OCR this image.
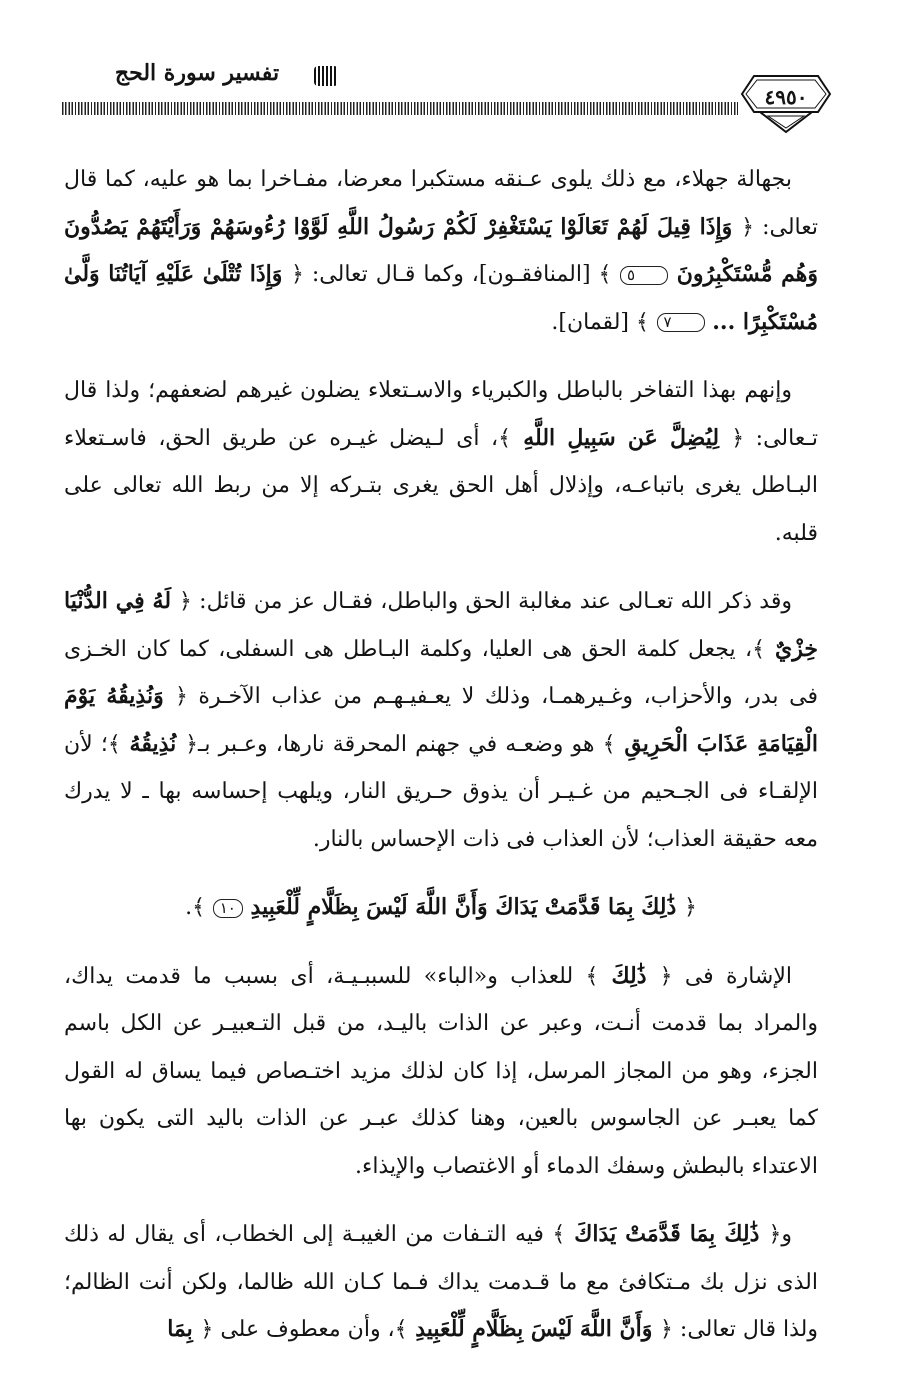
٤٩٥٠
تفسير سورة الحج

بجهالة جهلاء، مع ذلك يلوى عـنقه مستكبرا معرضا، مفـاخرا بما هو عليه، كما قال تعالى: ﴿ وَإِذَا قِيلَ لَهُمْ تَعَالَوْا يَسْتَغْفِرْ لَكُمْ رَسُولُ اللَّهِ لَوَّوْا رُءُوسَهُمْ وَرَأَيْتَهُمْ يَصُدُّونَ وَهُم مُّسْتَكْبِرُونَ ٥ ﴾ [المنافقـون]، وكما قـال تعالى: ﴿ وَإِذَا تُتْلَىٰ عَلَيْهِ آيَاتُنَا وَلَّىٰ مُسْتَكْبِرًا ... ٧ ﴾ [لقمان].

وإنهم بهذا التفاخر بالباطل والكبرياء والاسـتعلاء يضلون غيرهم لضعفهم؛ ولذا قال تـعالى: ﴿ لِيُضِلَّ عَن سَبِيلِ اللَّهِ ﴾، أى لـيضل غيـره عن طريق الحق، فاسـتعلاء البـاطل يغرى باتباعـه، وإذلال أهل الحق يغرى بتـركه إلا من ربط الله تعالى على قلبه.

وقد ذكر الله تعـالى عند مغالبة الحق والباطل، فقـال عز من قائل: ﴿ لَهُ فِي الدُّنْيَا خِزْيٌ ﴾، يجعل كلمة الحق هى العليا، وكلمة البـاطل هى السفلى، كما كان الخـزى فى بدر، والأحزاب، وغـيرهمـا، وذلك لا يعـفيـهـم من عذاب الآخـرة ﴿ وَنُذِيقُهُ يَوْمَ الْقِيَامَةِ عَذَابَ الْحَرِيقِ ﴾ هو وضعـه في جهنم المحرقة نارها، وعـبر بـ﴿ نُذِيقُهُ ﴾؛ لأن الإلقـاء فى الجـحيم من غـيـر أن يذوق حـريق النار، ويلهب إحساسه بها ـ لا يدرك معه حقيقة العذاب؛ لأن العذاب فى ذات الإحساس بالنار.

﴿ ذَٰلِكَ بِمَا قَدَّمَتْ يَدَاكَ وَأَنَّ اللَّهَ لَيْسَ بِظَلَّامٍ لِّلْعَبِيدِ ١٠ ﴾.

الإشارة فى ﴿ ذَٰلِكَ ﴾ للعذاب و«الباء» للسببـيـة، أى بسبب ما قدمت يداك، والمراد بما قدمت أنـت، وعبر عن الذات باليـد، من قبل التـعبيـر عن الكل باسم الجزء، وهو من المجاز المرسل، إذا كان لذلك مزيد اختـصاص فيما يساق له القول كما يعبـر عن الجاسوس بالعين، وهنا كذلك عبـر عن الذات باليد التى يكون بها الاعتداء بالبطش وسفك الدماء أو الاغتصاب والإيذاء.

و﴿ ذَٰلِكَ بِمَا قَدَّمَتْ يَدَاكَ ﴾ فيه التـفات من الغيبـة إلى الخطاب، أى يقال له ذلك الذى نزل بك مـتكافئ مع ما قـدمت يداك فـما كـان الله ظالما، ولكن أنت الظالم؛ ولذا قال تعالى: ﴿ وَأَنَّ اللَّهَ لَيْسَ بِظَلَّامٍ لِّلْعَبِيدِ ﴾، وأن معطوف على ﴿ بِمَا
